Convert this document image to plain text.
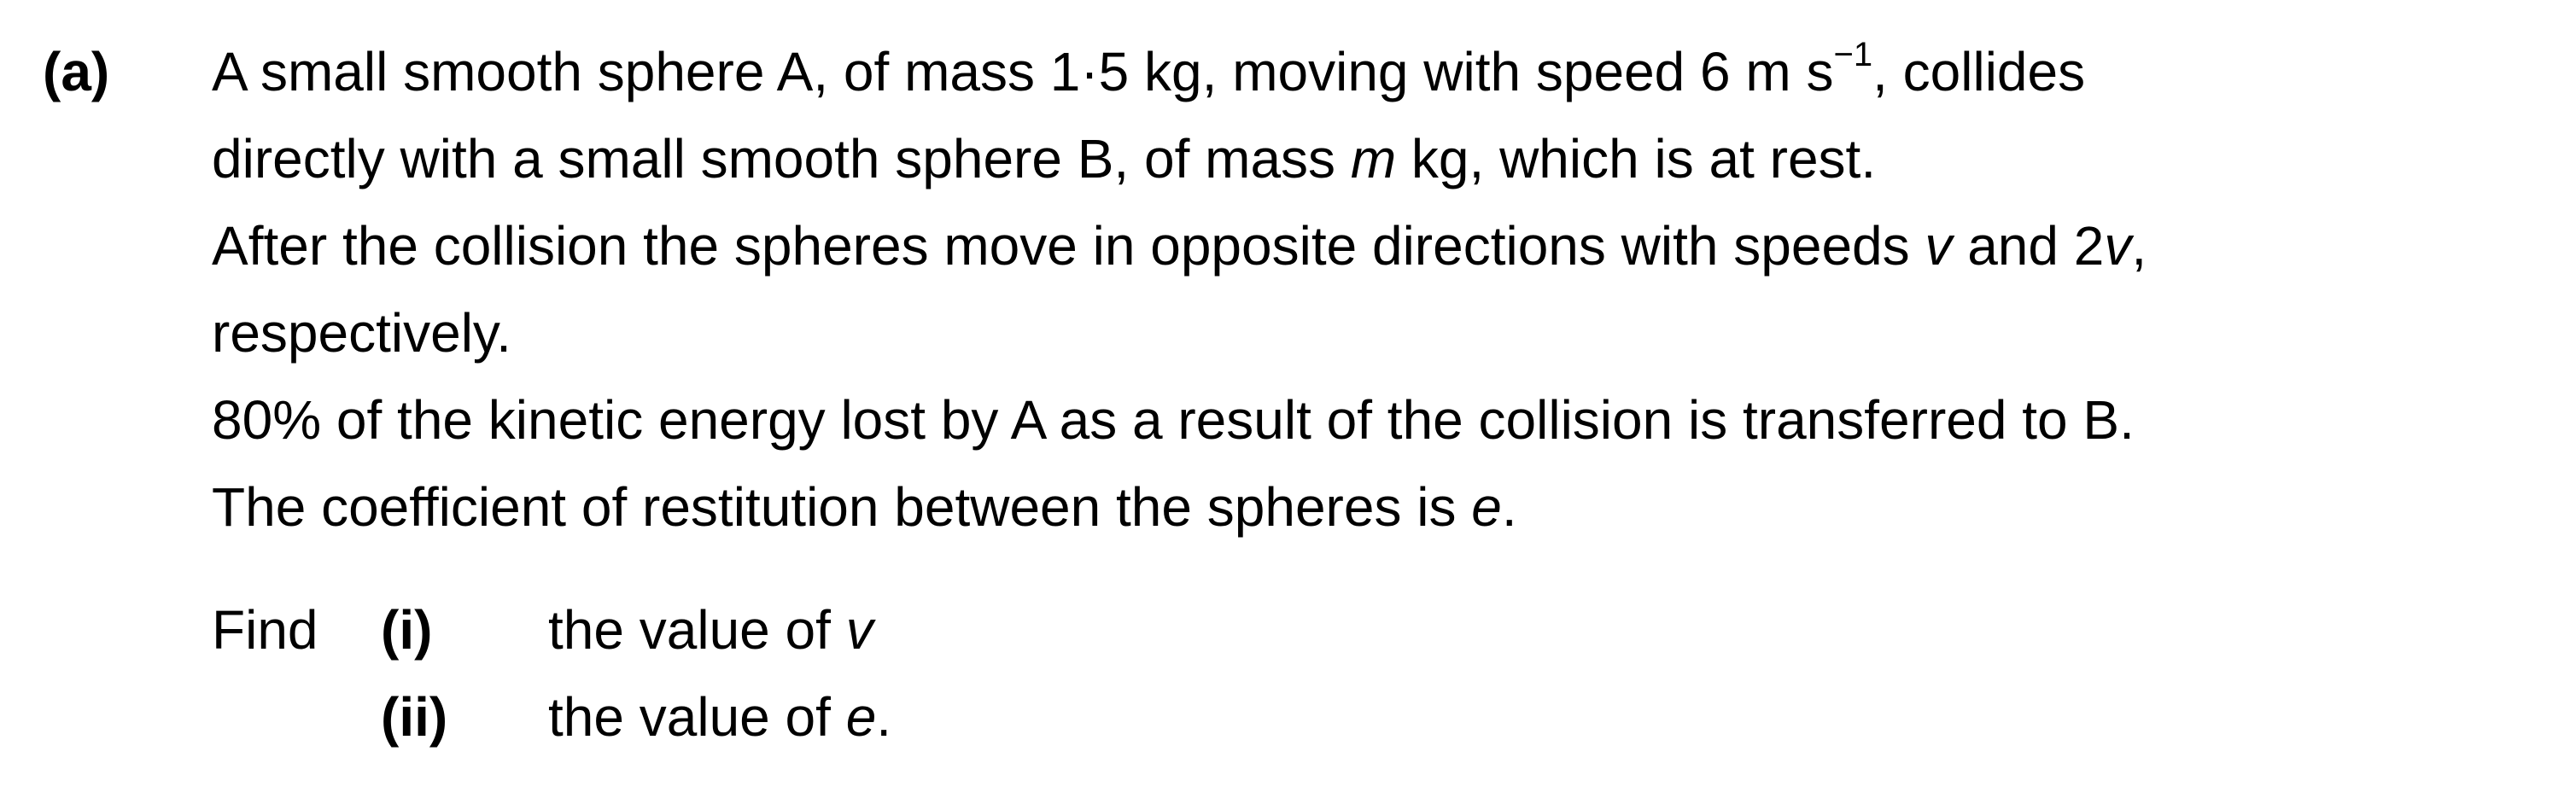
(a) A small smooth sphere A, of mass 1·5 kg, moving with speed 6 m $s^{-1}$, collides
directly with a small smooth sphere B, of mass m kg, which is at rest.
After the collision the spheres move in opposite directions with speeds v and 2v,
respectively.
80% of the kinetic energy lost by A as a result of the collision is transferred to B.
The coefficient of restitution between the spheres is e.
Find (i) the value of v
(ii) the value of e.
